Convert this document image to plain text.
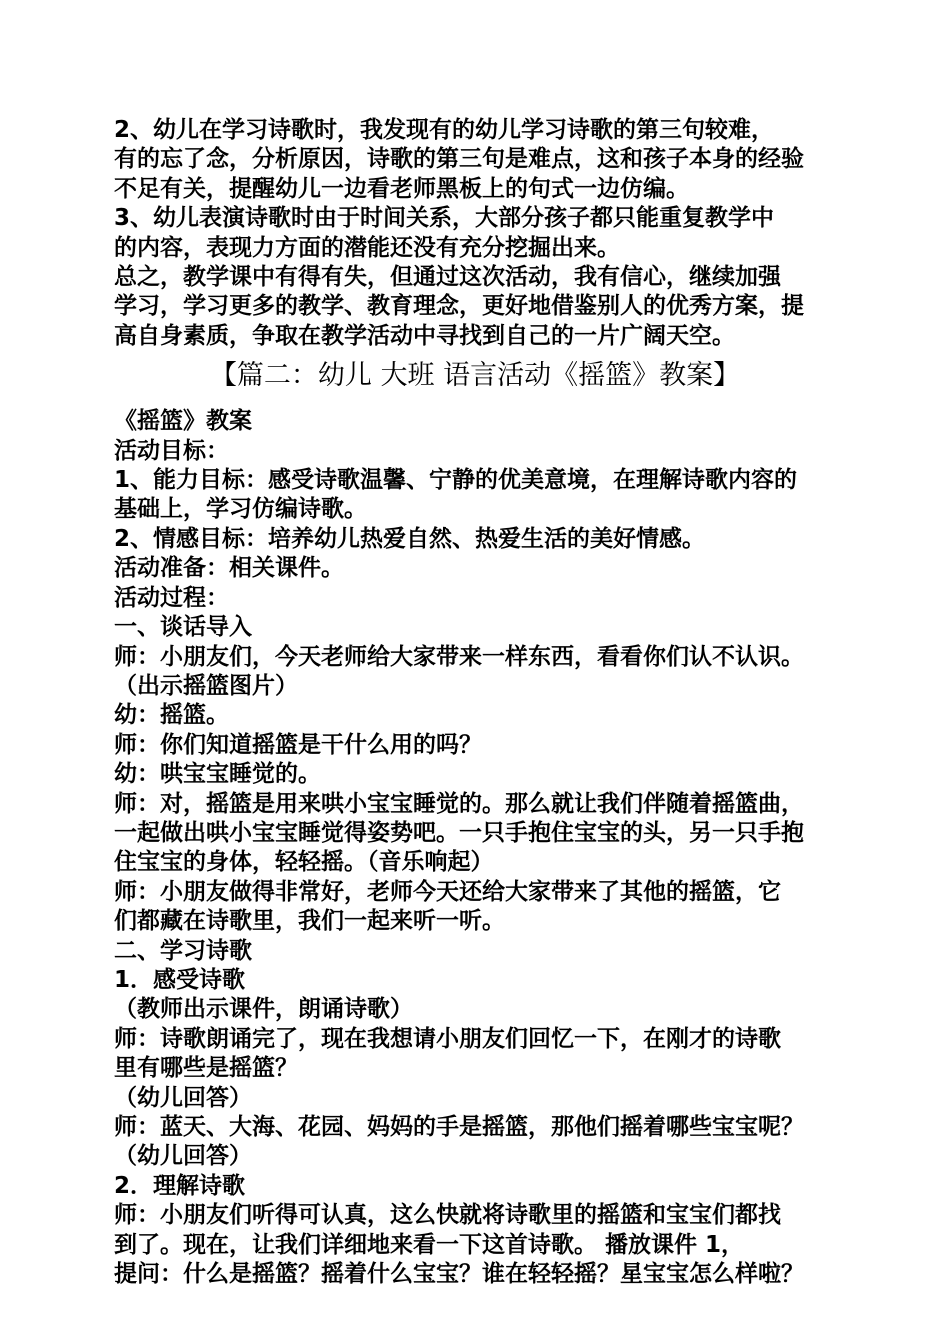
2、幼儿在学习诗歌时，我发现有的幼儿学习诗歌的第三句较难，

有的忘了念，分析原因，诗歌的第三句是难点，这和孩子本身的经验

不足有关，提醒幼儿一边看老师黑板上的句式一边仿编。

3、幼儿表演诗歌时由于时间关系，大部分孩子都只能重复教学中

的内容，表现力方面的潜能还没有充分挖掘出来。

总之，教学课中有得有失，但通过这次活动，我有信心，继续加强

学习，学习更多的教学、教育理念，更好地借鉴别人的优秀方案，提

高自身素质，争取在教学活动中寻找到自己的一片广阔天空。

【篇二：幼儿 大班 语言活动《摇篮》教案】

《摇篮》教案

活动目标：

1、能力目标：感受诗歌温馨、宁静的优美意境，在理解诗歌内容的

基础上，学习仿编诗歌。

2、情感目标：培养幼儿热爱自然、热爱生活的美好情感。

活动准备：相关课件。

活动过程：

一、谈话导入

师：小朋友们，今天老师给大家带来一样东西，看看你们认不认识。

（出示摇篮图片）

幼：摇篮。

师：你们知道摇篮是干什么用的吗？

幼：哄宝宝睡觉的。

师：对，摇篮是用来哄小宝宝睡觉的。那么就让我们伴随着摇篮曲，

一起做出哄小宝宝睡觉得姿势吧。一只手抱住宝宝的头，另一只手抱

住宝宝的身体，轻轻摇。（音乐响起）

师：小朋友做得非常好，老师今天还给大家带来了其他的摇篮，它

们都藏在诗歌里，我们一起来听一听。

二、学习诗歌

1．感受诗歌

（教师出示课件，朗诵诗歌）

师：诗歌朗诵完了，现在我想请小朋友们回忆一下，在刚才的诗歌

里有哪些是摇篮？

（幼儿回答）

师：蓝天、大海、花园、妈妈的手是摇篮，那他们摇着哪些宝宝呢？

（幼儿回答）

2．理解诗歌

师：小朋友们听得可认真，这么快就将诗歌里的摇篮和宝宝们都找

到了。现在，让我们详细地来看一下这首诗歌。 播放课件 1，

提问：什么是摇篮？摇着什么宝宝？谁在轻轻摇？星宝宝怎么样啦？
